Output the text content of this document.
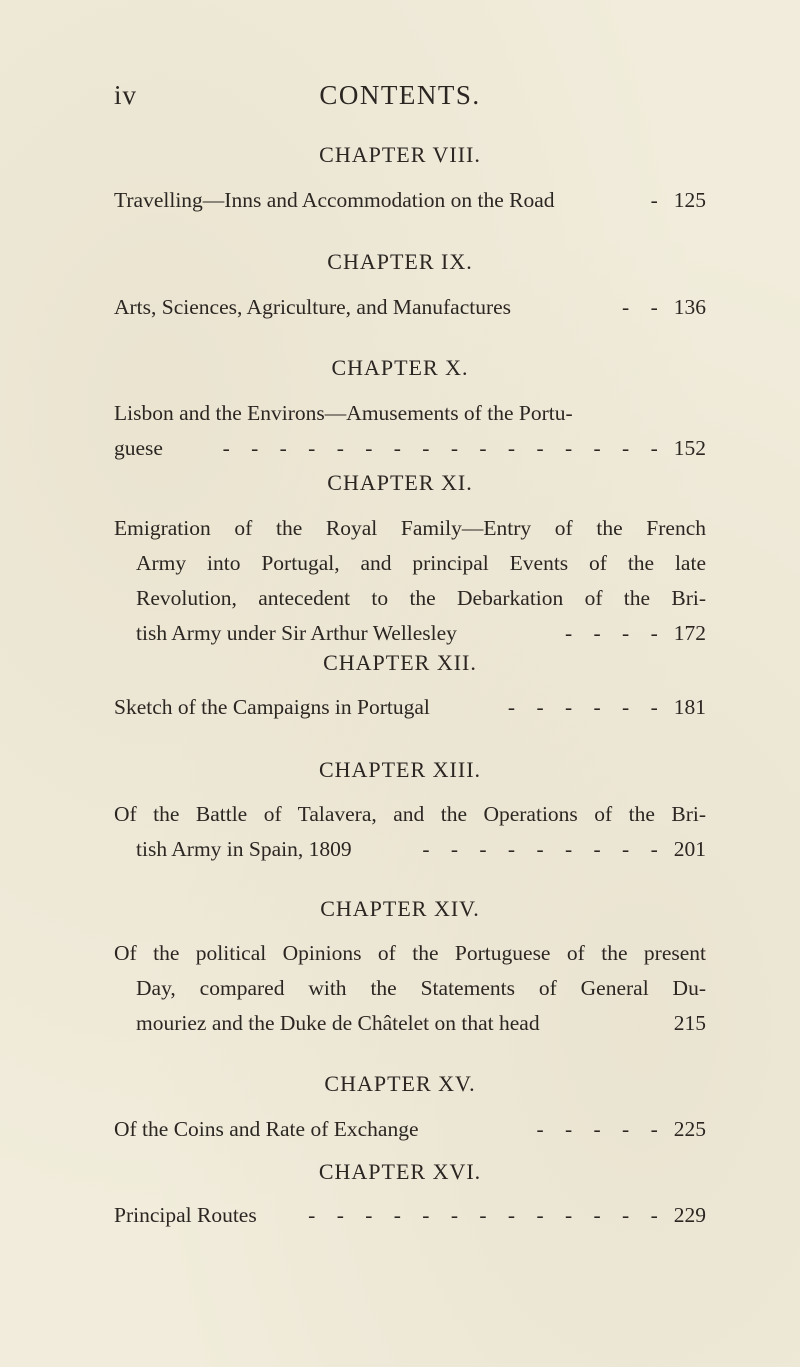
iv	CONTENTS.
CHAPTER VIII.
Travelling—Inns and Accommodation on the Road	- 125
CHAPTER IX.
Arts, Sciences, Agriculture, and Manufactures	- - 136
CHAPTER X.
Lisbon and the Environs—Amusements of the Portu-
guese	- - - - - - - - - - - - - - - - 152
CHAPTER XI.
Emigration of the Royal Family—Entry of the French
Army into Portugal, and principal Events of the late
Revolution, antecedent to the Debarkation of the Bri-
tish Army under Sir Arthur Wellesley	- - - - 172
CHAPTER XII.
Sketch of the Campaigns in Portugal	- - - - - - 181
CHAPTER XIII.
Of the Battle of Talavera, and the Operations of the Bri-
tish Army in Spain, 1809	- - - - - - - - - 201
CHAPTER XIV.
Of the political Opinions of the Portuguese of the present
Day, compared with the Statements of General Du-
mouriez and the Duke de Châtelet on that head	215
CHAPTER XV.
Of the Coins and Rate of Exchange	- - - - - 225
CHAPTER XVI.
Principal Routes	- - - - - - - - - - - - - 229
